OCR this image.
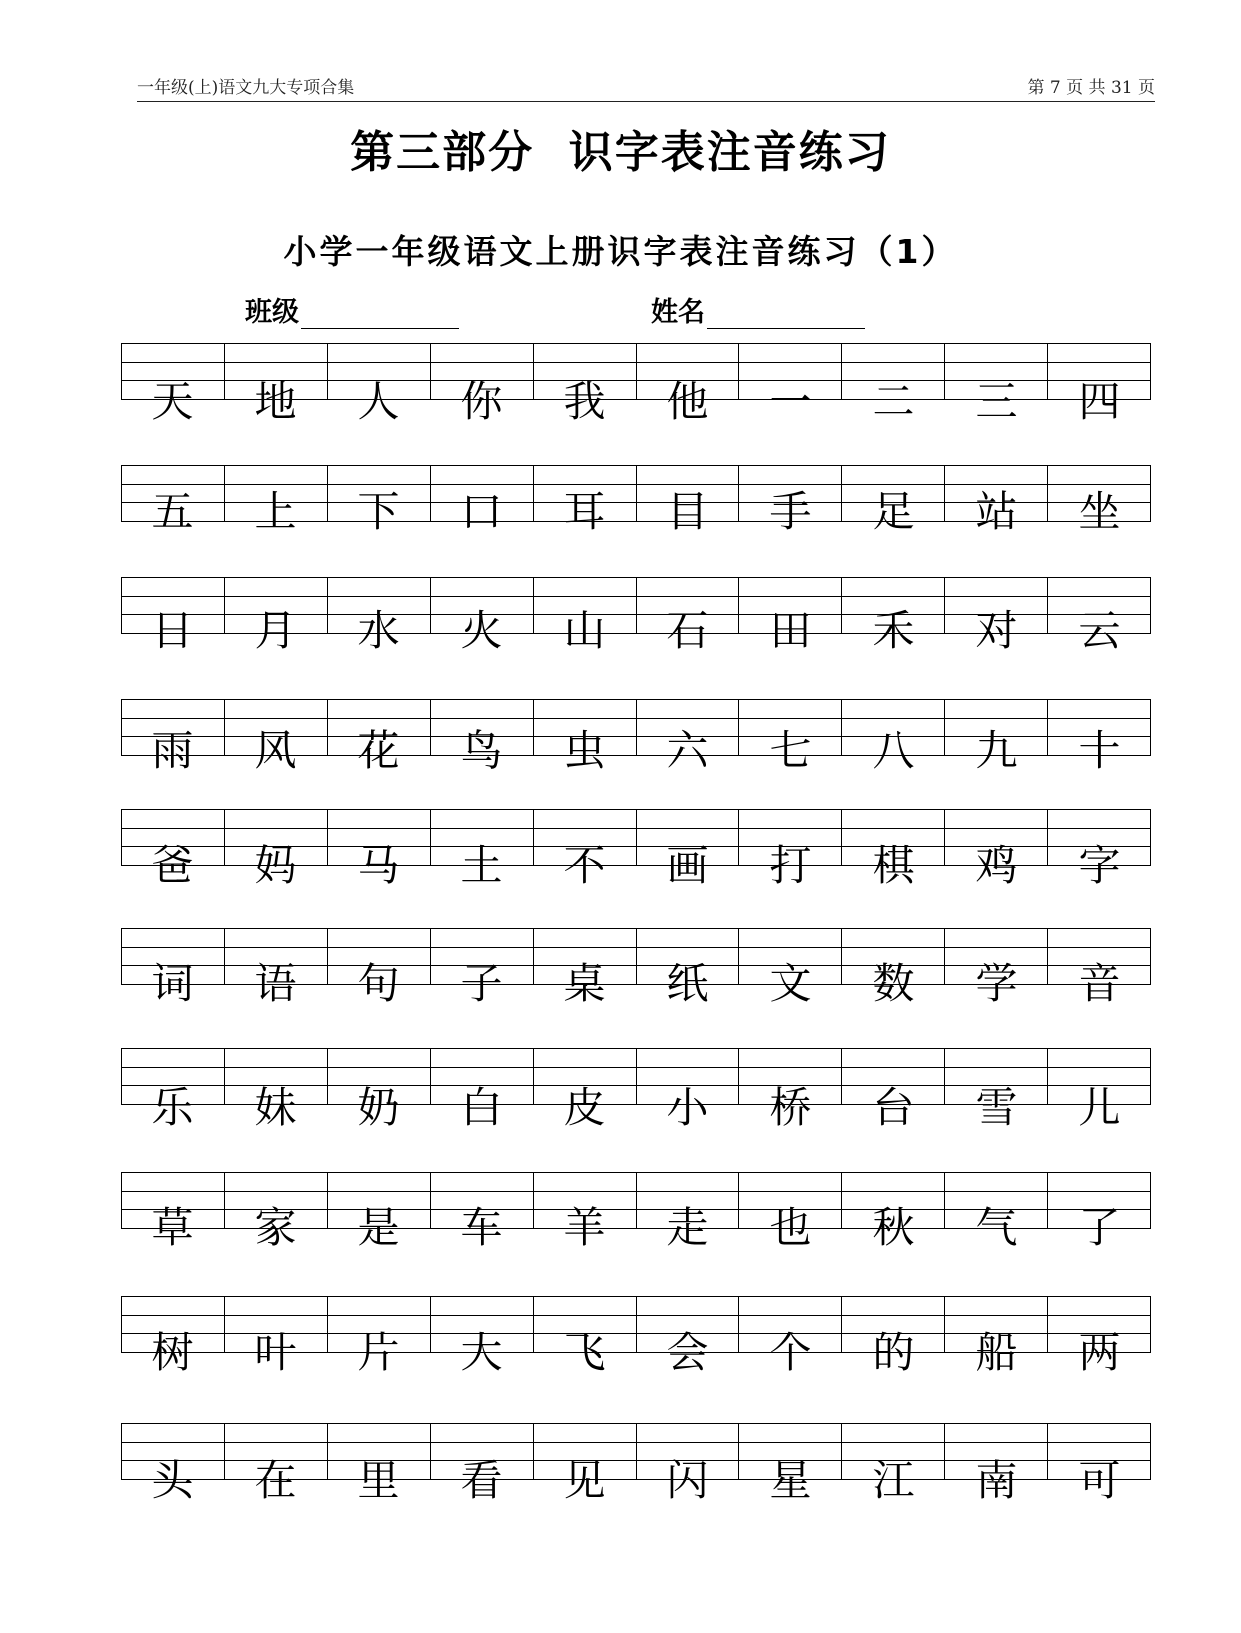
一年级(上)语文九大专项合集	第 7 页 共 31 页
第三部分  识字表注音练习
小学一年级语文上册识字表注音练习（1）
班级	姓名
天 地 人 你 我 他 一 二 三 四
五 上 下 口 耳 目 手 足 站 坐
日 月 水 火 山 石 田 禾 对 云
雨 风 花 鸟 虫 六 七 八 九 十
爸 妈 马 土 不 画 打 棋 鸡 字
词 语 句 子 桌 纸 文 数 学 音
乐 妹 奶 白 皮 小 桥 台 雪 儿
草 家 是 车 羊 走 也 秋 气 了
树 叶 片 大 飞 会 个 的 船 两
头 在 里 看 见 闪 星 江 南 可
